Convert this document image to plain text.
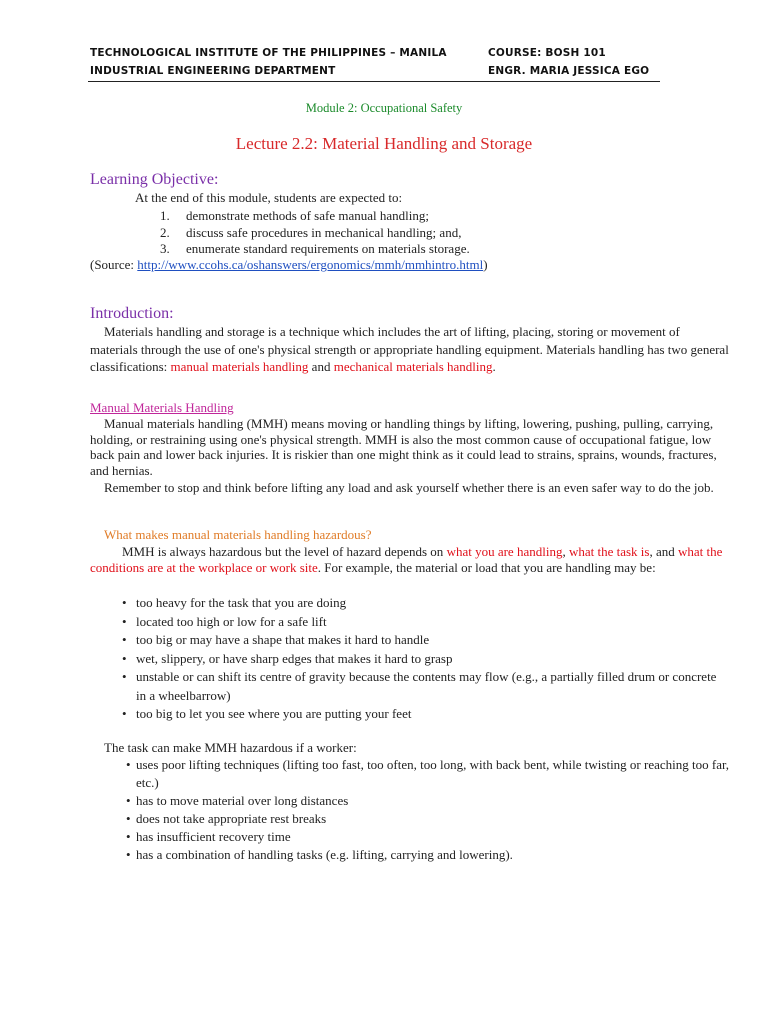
TECHNOLOGICAL INSTITUTE OF THE PHILIPPINES – MANILA	COURSE: BOSH 101
INDUSTRIAL ENGINEERING DEPARTMENT	ENGR. MARIA JESSICA EGO
Module 2: Occupational Safety
Lecture 2.2: Material Handling and Storage
Learning Objective:
At the end of this module, students are expected to:
1.	demonstrate methods of safe manual handling;
2.	discuss safe procedures in mechanical handling; and,
3.	enumerate standard requirements on materials storage.
(Source: http://www.ccohs.ca/oshanswers/ergonomics/mmh/mmhintro.html)
Introduction:
Materials handling and storage is a technique which includes the art of lifting, placing, storing or movement of materials through the use of one's physical strength or appropriate handling equipment. Materials handling has two general classifications: manual materials handling and mechanical materials handling.
Manual Materials Handling
Manual materials handling (MMH) means moving or handling things by lifting, lowering, pushing, pulling, carrying, holding, or restraining using one's physical strength. MMH is also the most common cause of occupational fatigue, low back pain and lower back injuries. It is riskier than one might think as it could lead to strains, sprains, wounds, fractures, and hernias.
Remember to stop and think before lifting any load and ask yourself whether there is an even safer way to do the job.
What makes manual materials handling hazardous?
MMH is always hazardous but the level of hazard depends on what you are handling, what the task is, and what the conditions are at the workplace or work site. For example, the material or load that you are handling may be:
• too heavy for the task that you are doing
• located too high or low for a safe lift
• too big or may have a shape that makes it hard to handle
• wet, slippery, or have sharp edges that makes it hard to grasp
• unstable or can shift its centre of gravity because the contents may flow (e.g., a partially filled drum or concrete in a wheelbarrow)
• too big to let you see where you are putting your feet
The task can make MMH hazardous if a worker:
• uses poor lifting techniques (lifting too fast, too often, too long, with back bent, while twisting or reaching too far, etc.)
• has to move material over long distances
• does not take appropriate rest breaks
• has insufficient recovery time
• has a combination of handling tasks (e.g. lifting, carrying and lowering).
